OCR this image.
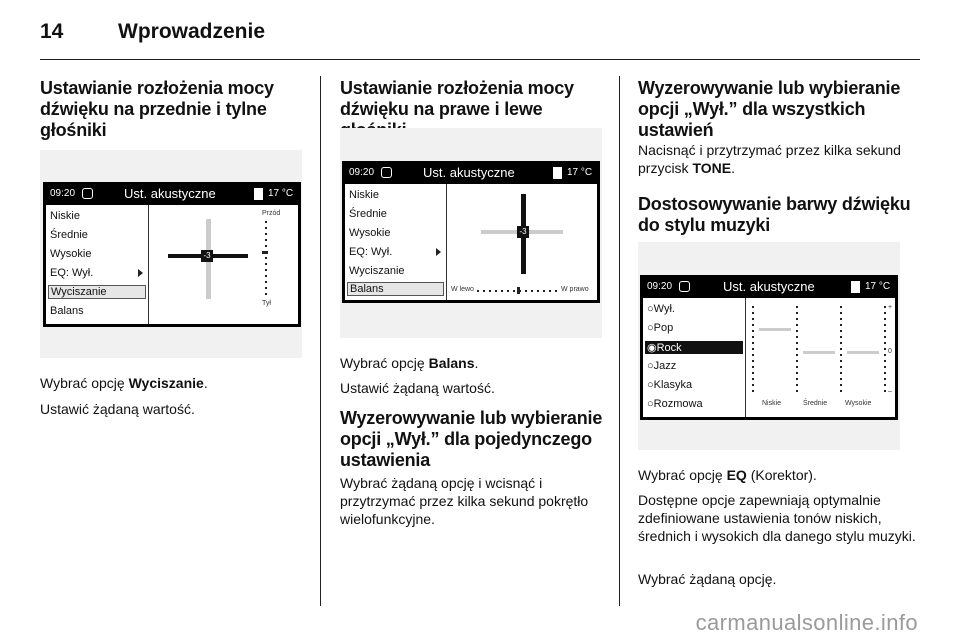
14	Wprowadzenie
Ustawianie rozłożenia mocy dźwięku na przednie i tylne głośniki
09:20	Ust. akustyczne	17 °C
Niskie
Średnie
Wysokie
EQ: Wył.
Wyciszanie
Balans
-3
Przód
Tył

Wybrać opcję Wyciszanie.

Ustawić żądaną wartość.

Ustawianie rozłożenia mocy dźwięku na prawe i lewe
09:20	Ust. akustyczne	17 °C
Niskie
Średnie
Wysokie
EQ: Wył.
Wyciszanie
Balans
-3
W lewo	W prawo

Wybrać opcję Balans.

Ustawić żądaną wartość.

Wyzerowywanie lub wybieranie opcji „Wył.” dla pojedynczego ustawienia

Wybrać żądaną opcję i wcisnąć i przytrzymać przez kilka sekund pokrętło wielofunkcyjne.

Wyzerowywanie lub wybieranie opcji „Wył.” dla wszystkich ustawień

Nacisnąć i przytrzymać przez kilka sekund przycisk TONE.

Dostosowywanie barwy dźwięku do stylu muzyki
09:20	Ust. akustyczne	17 °C
○Wył.
○Pop
◉Rock
○Jazz
○Klasyka
○Rozmowa
+
0
–
Niskie	Średnie	Wysokie

Wybrać opcję EQ (Korektor).

Dostępne opcje zapewniają optymalnie zdefiniowane ustawienia tonów niskich, średnich i wysokich dla danego stylu muzyki.

Wybrać żądaną opcję.

carmanualsonline.info
